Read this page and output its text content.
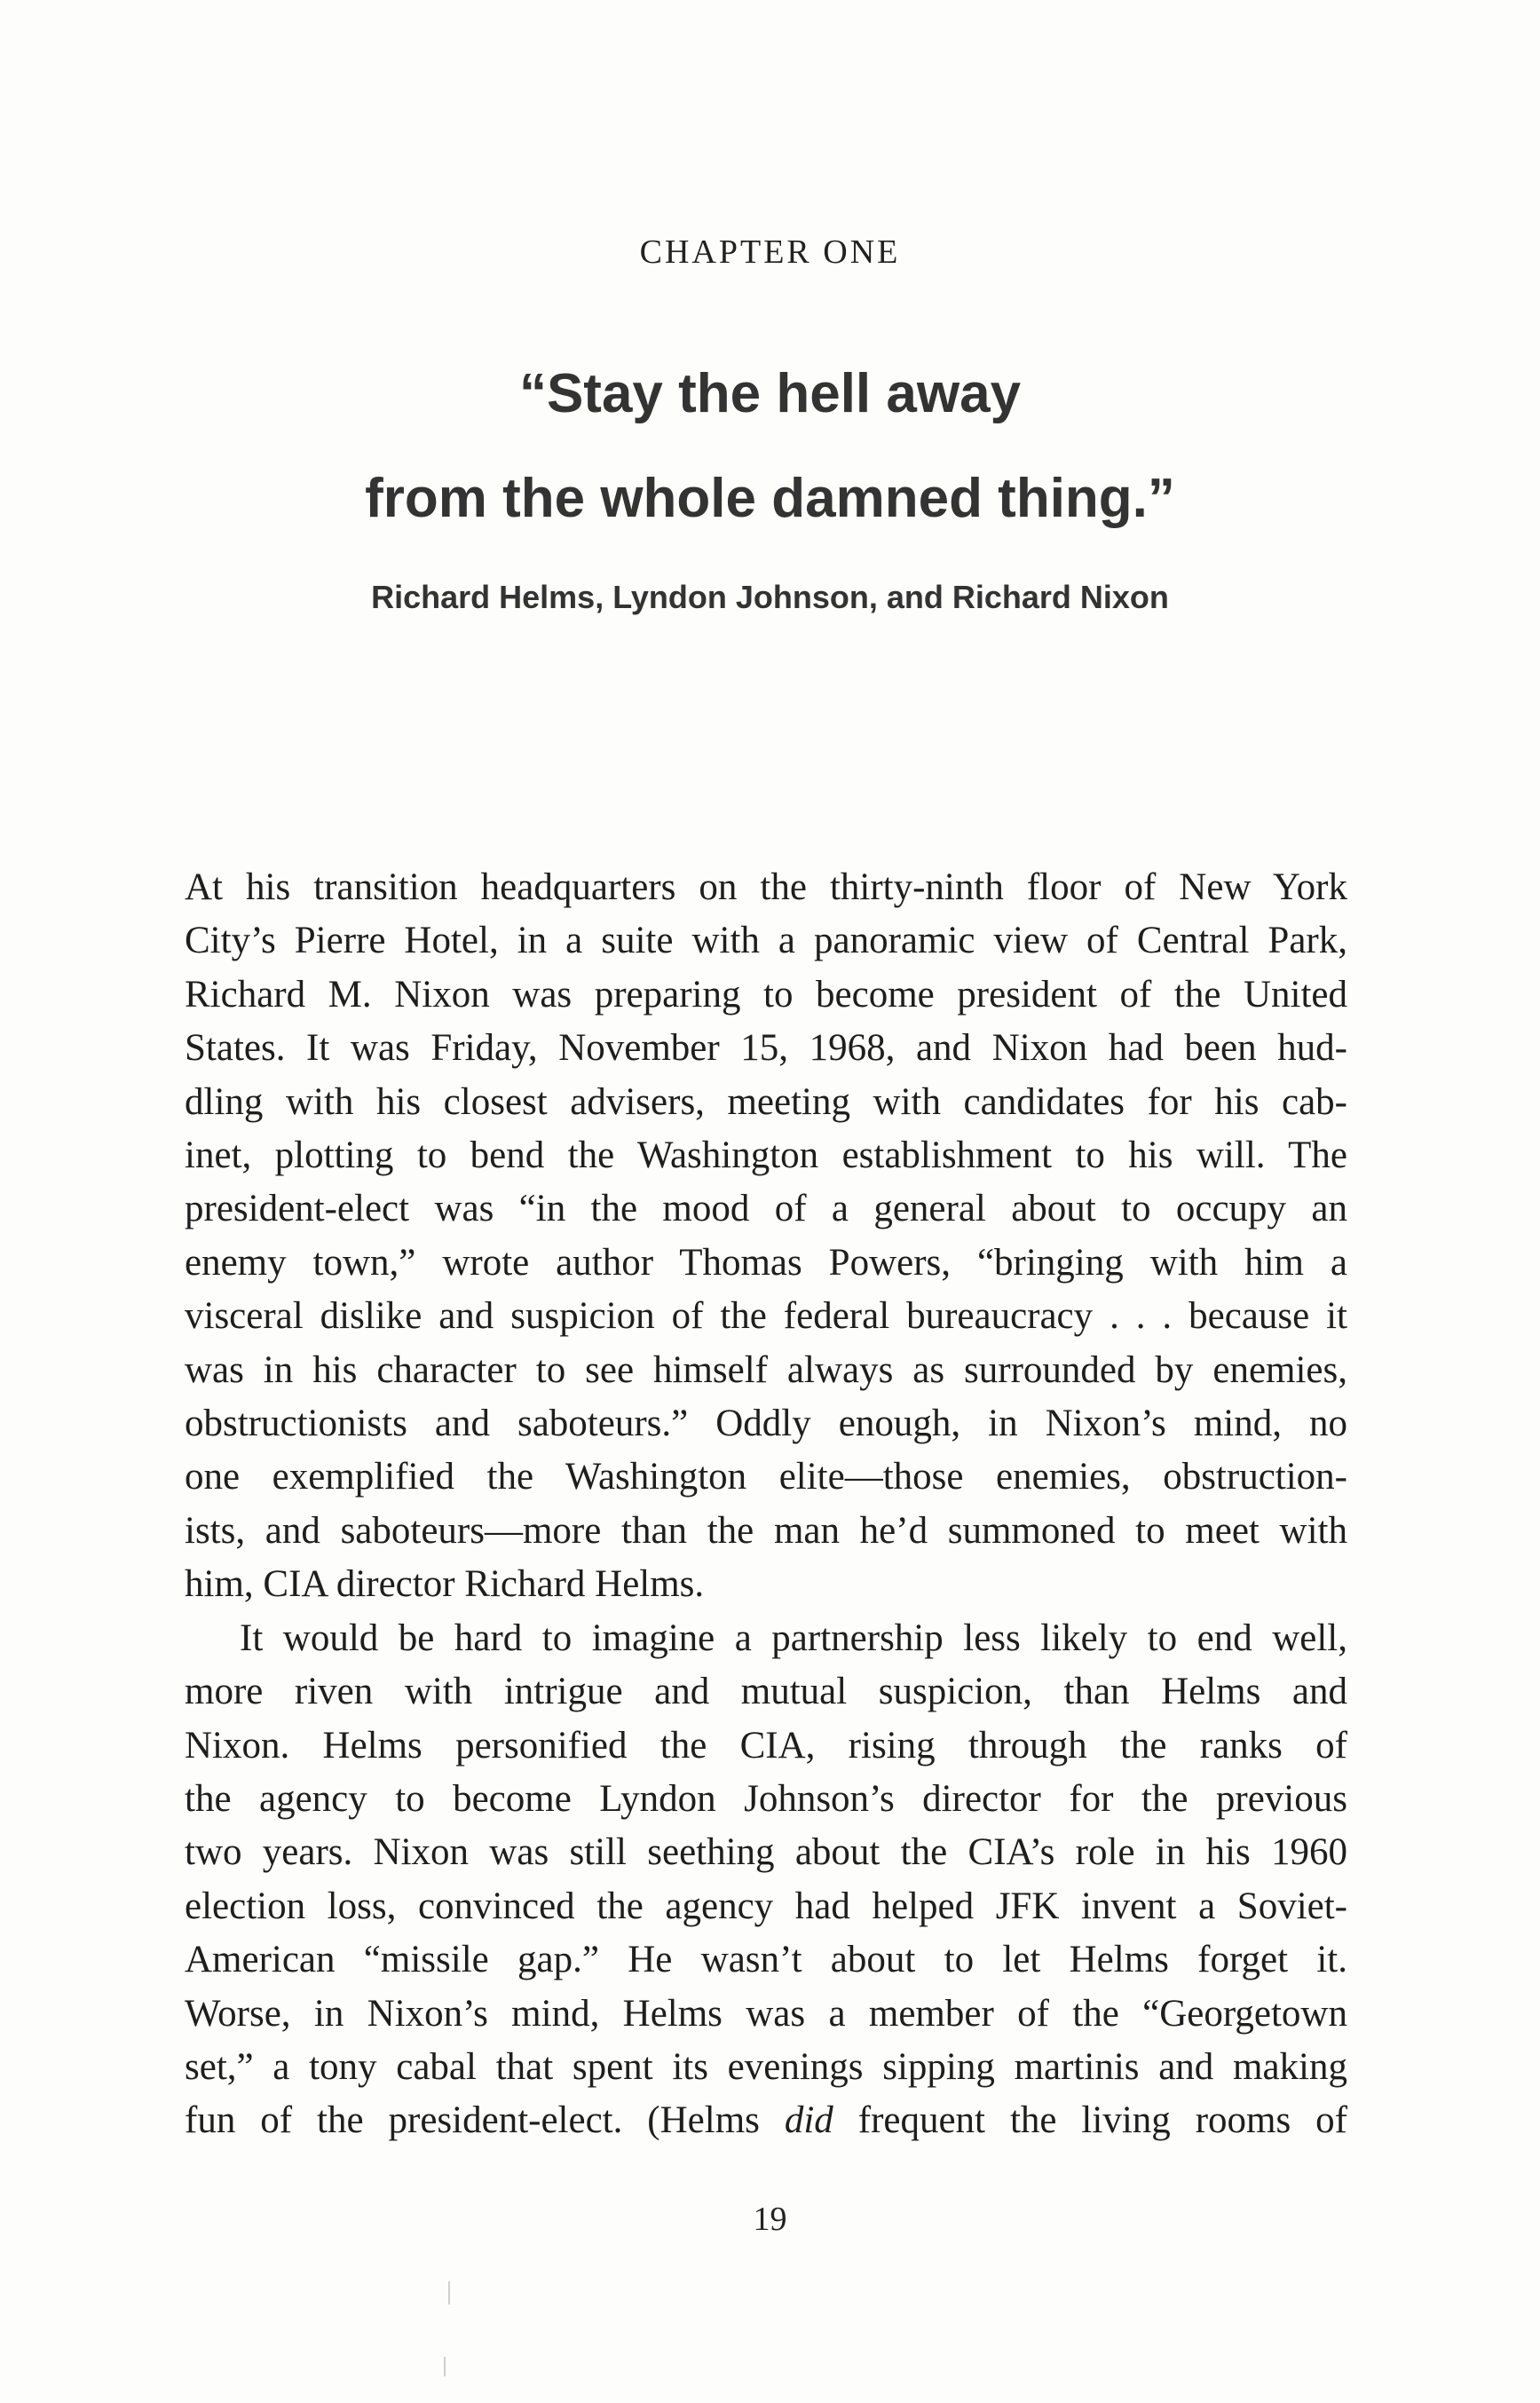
CHAPTER ONE
“Stay the hell away
from the whole damned thing.”
Richard Helms, Lyndon Johnson, and Richard Nixon
At his transition headquarters on the thirty-ninth floor of New York
City’s Pierre Hotel, in a suite with a panoramic view of Central Park,
Richard M. Nixon was preparing to become president of the United
States. It was Friday, November 15, 1968, and Nixon had been hud-
dling with his closest advisers, meeting with candidates for his cab-
inet, plotting to bend the Washington establishment to his will. The
president-elect was “in the mood of a general about to occupy an
enemy town,” wrote author Thomas Powers, “bringing with him a
visceral dislike and suspicion of the federal bureaucracy . . . because it
was in his character to see himself always as surrounded by enemies,
obstructionists and saboteurs.” Oddly enough, in Nixon’s mind, no
one exemplified the Washington elite—those enemies, obstruction-
ists, and saboteurs—more than the man he’d summoned to meet with
him, CIA director Richard Helms.
It would be hard to imagine a partnership less likely to end well,
more riven with intrigue and mutual suspicion, than Helms and
Nixon. Helms personified the CIA, rising through the ranks of
the agency to become Lyndon Johnson’s director for the previous
two years. Nixon was still seething about the CIA’s role in his 1960
election loss, convinced the agency had helped JFK invent a Soviet-
American “missile gap.” He wasn’t about to let Helms forget it.
Worse, in Nixon’s mind, Helms was a member of the “Georgetown
set,” a tony cabal that spent its evenings sipping martinis and making
fun of the president-elect. (Helms did frequent the living rooms of
19
